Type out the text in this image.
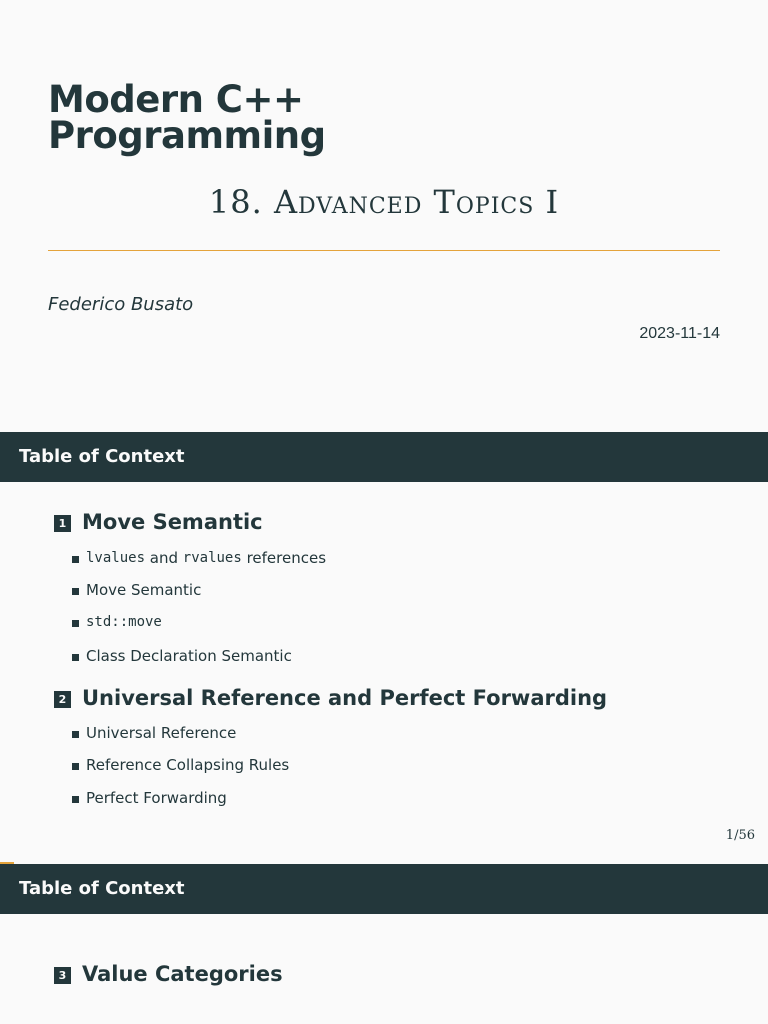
Modern C++
Programming
18. Advanced Topics I
Federico Busato
2023-11-14
Table of Context
1 Move Semantic
lvalues and rvalues references
Move Semantic
std::move
Class Declaration Semantic
2 Universal Reference and Perfect Forwarding
Universal Reference
Reference Collapsing Rules
Perfect Forwarding
1/56
Table of Context
3 Value Categories
